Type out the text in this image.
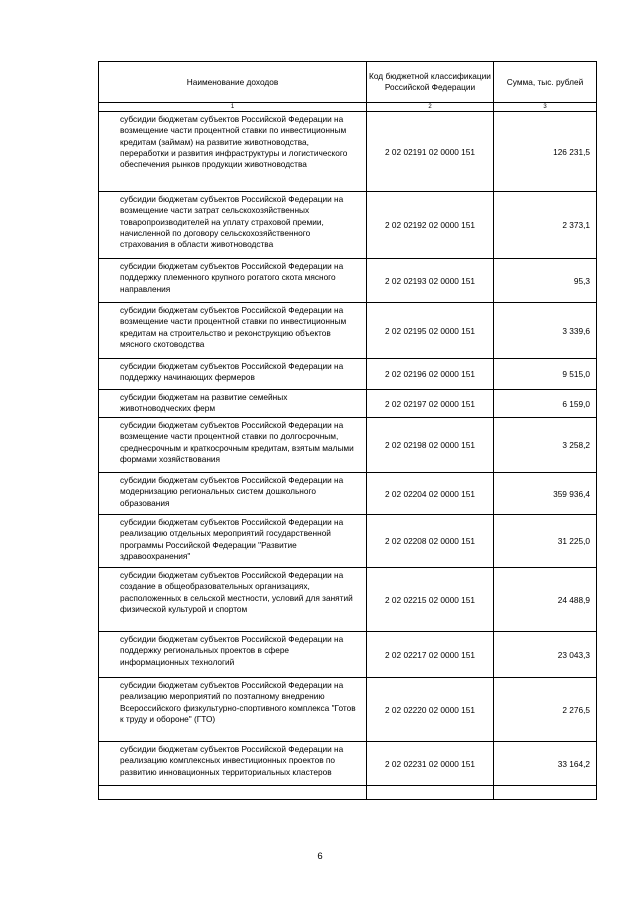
Наименование доходов	Код бюджетной классификации Российской Федерации	Сумма, тыс. рублей
1	2	3
субсидии бюджетам субъектов Российской Федерации на возмещение части процентной ставки по инвестиционным кредитам (займам) на развитие животноводства, переработки и развития инфраструктуры и логистического обеспечения рынков продукции животноводства	2 02 02191 02 0000 151	126 231,5
субсидии бюджетам субъектов Российской Федерации на возмещение части затрат сельскохозяйственных товаропроизводителей на уплату страховой премии, начисленной по договору сельскохозяйственного страхования в области животноводства	2 02 02192 02 0000 151	2 373,1
субсидии бюджетам субъектов Российской Федерации на поддержку племенного крупного рогатого скота мясного направления	2 02 02193 02 0000 151	95,3
субсидии бюджетам субъектов Российской Федерации на возмещение части процентной ставки по инвестиционным кредитам на строительство и реконструкцию объектов мясного скотоводства	2 02 02195 02 0000 151	3 339,6
субсидии бюджетам субъектов Российской Федерации на поддержку начинающих фермеров	2 02 02196 02 0000 151	9 515,0
субсидии бюджетам на развитие семейных животноводческих ферм	2 02 02197 02 0000 151	6 159,0
субсидии бюджетам субъектов Российской Федерации на возмещение части процентной ставки по долгосрочным, среднесрочным и краткосрочным кредитам, взятым малыми формами хозяйствования	2 02 02198 02 0000 151	3 258,2
субсидии бюджетам субъектов Российской Федерации на модернизацию региональных систем дошкольного образования	2 02 02204 02 0000 151	359 936,4
субсидии бюджетам субъектов Российской Федерации на реализацию отдельных мероприятий государственной программы Российской Федерации "Развитие здравоохранения"	2 02 02208 02 0000 151	31 225,0
субсидии бюджетам субъектов Российской Федерации на создание в общеобразовательных организациях, расположенных в сельской местности, условий для занятий физической культурой и спортом	2 02 02215 02 0000 151	24 488,9
субсидии бюджетам субъектов Российской Федерации на поддержку региональных проектов в сфере информационных технологий	2 02 02217 02 0000 151	23 043,3
субсидии бюджетам субъектов Российской Федерации на реализацию мероприятий по поэтапному внедрению Всероссийского физкультурно-спортивного комплекса "Готов к труду и обороне" (ГТО)	2 02 02220 02 0000 151	2 276,5
субсидии бюджетам субъектов Российской Федерации на реализацию комплексных инвестиционных проектов по развитию инновационных территориальных кластеров	2 02 02231 02 0000 151	33 164,2

6
